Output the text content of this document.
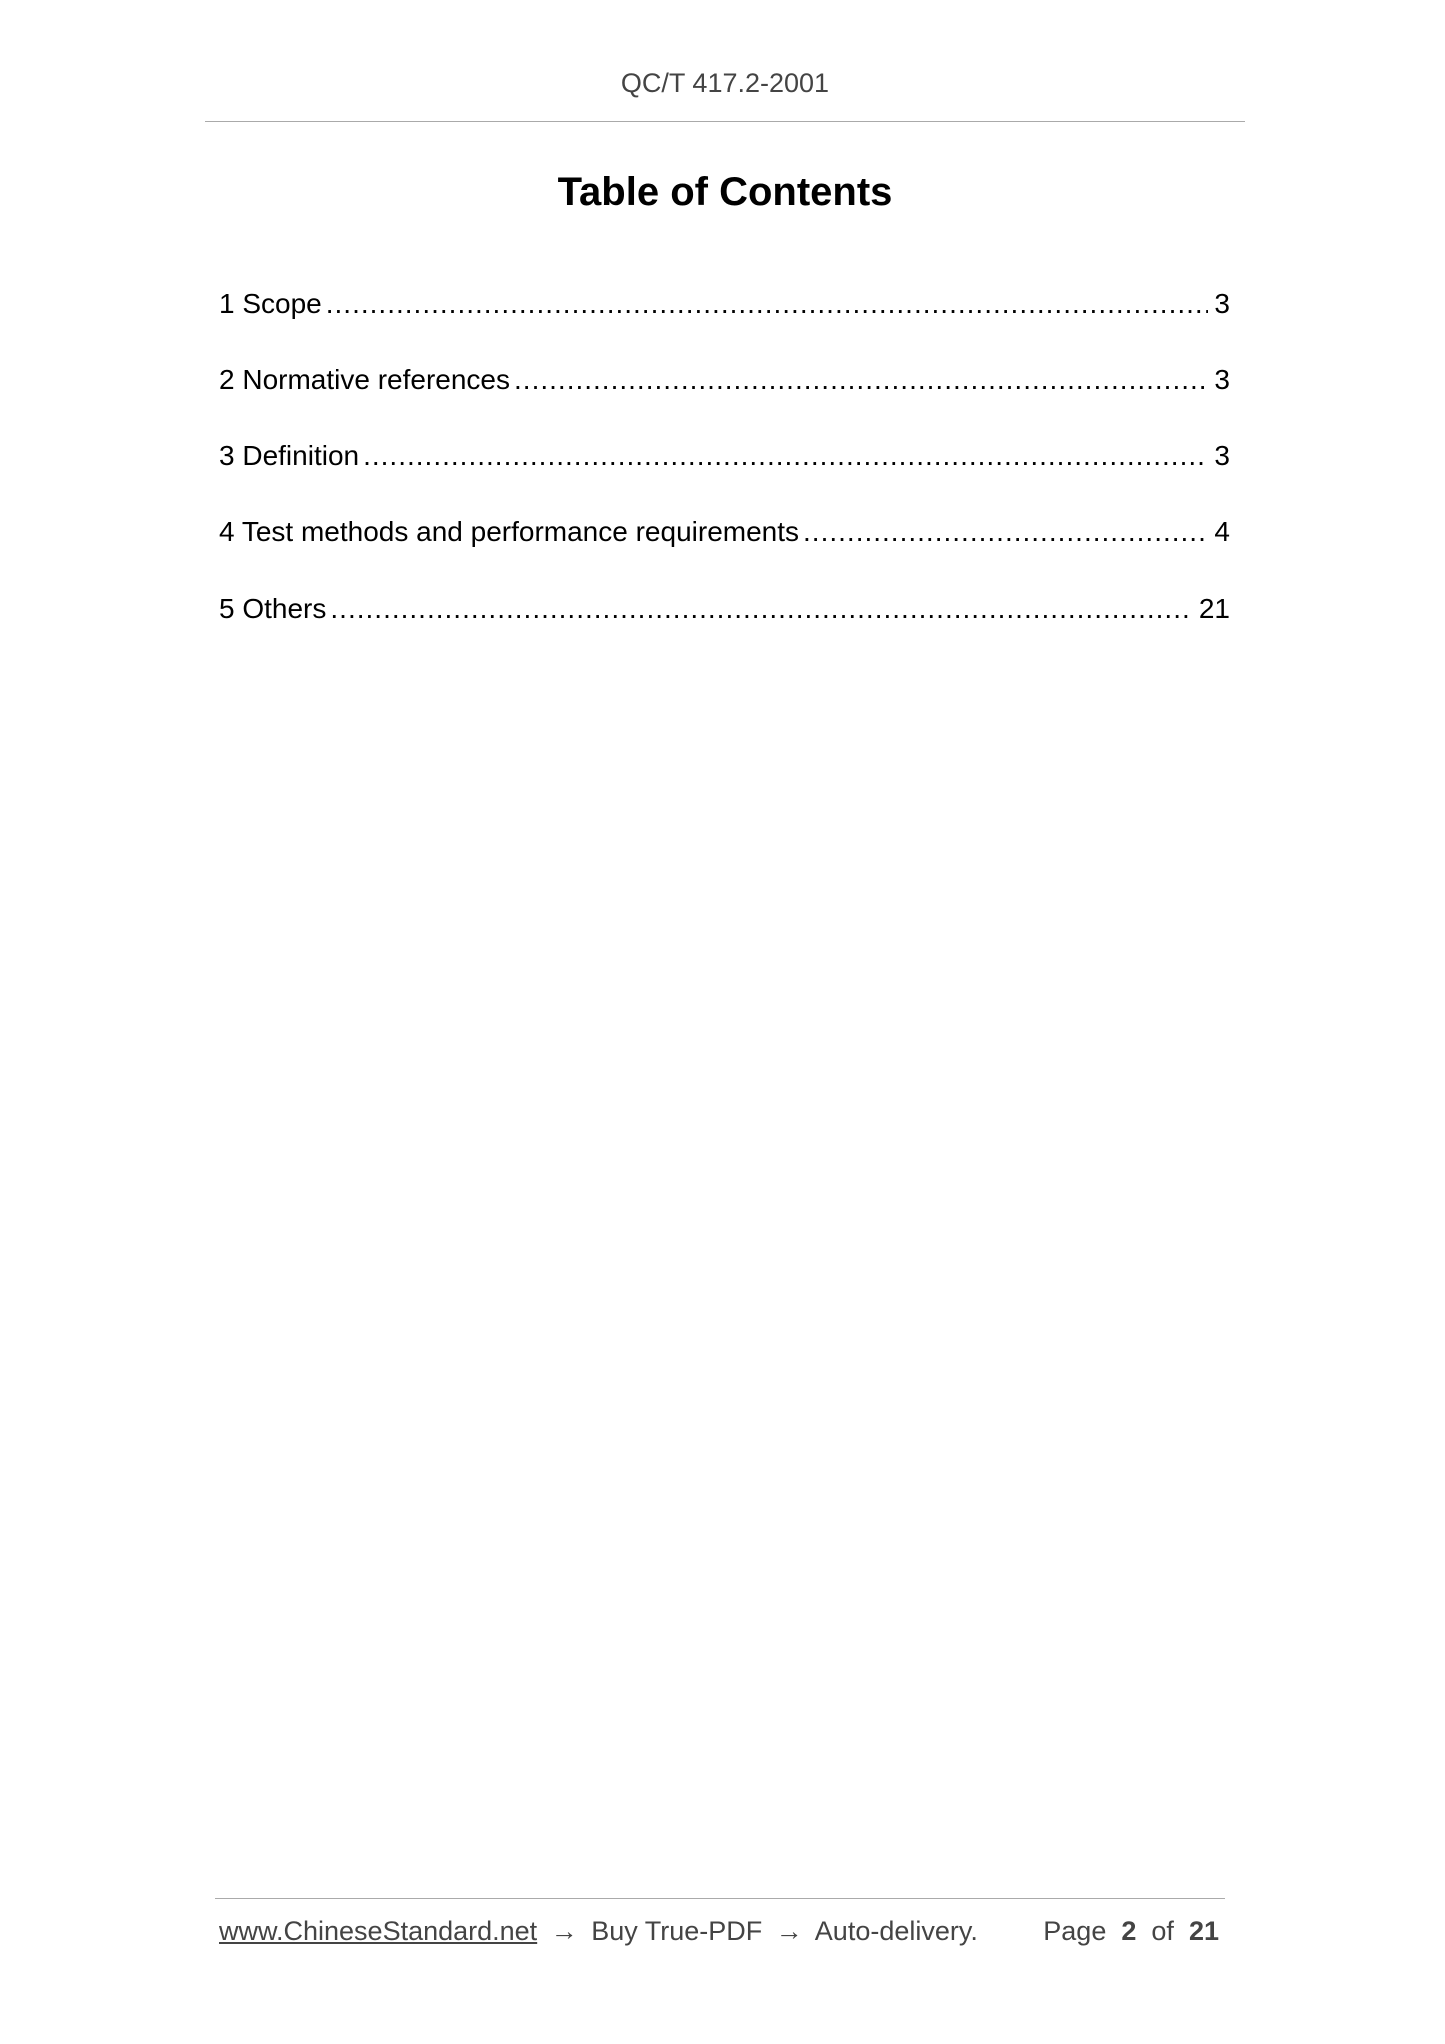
QC/T 417.2-2001
Table of Contents
1 Scope .....	3
2 Normative references .....	3
3 Definition .....	3
4 Test methods and performance requirements .....	4
5 Others .....	21
www.ChineseStandard.net → Buy True-PDF → Auto-delivery. Page 2 of 21
